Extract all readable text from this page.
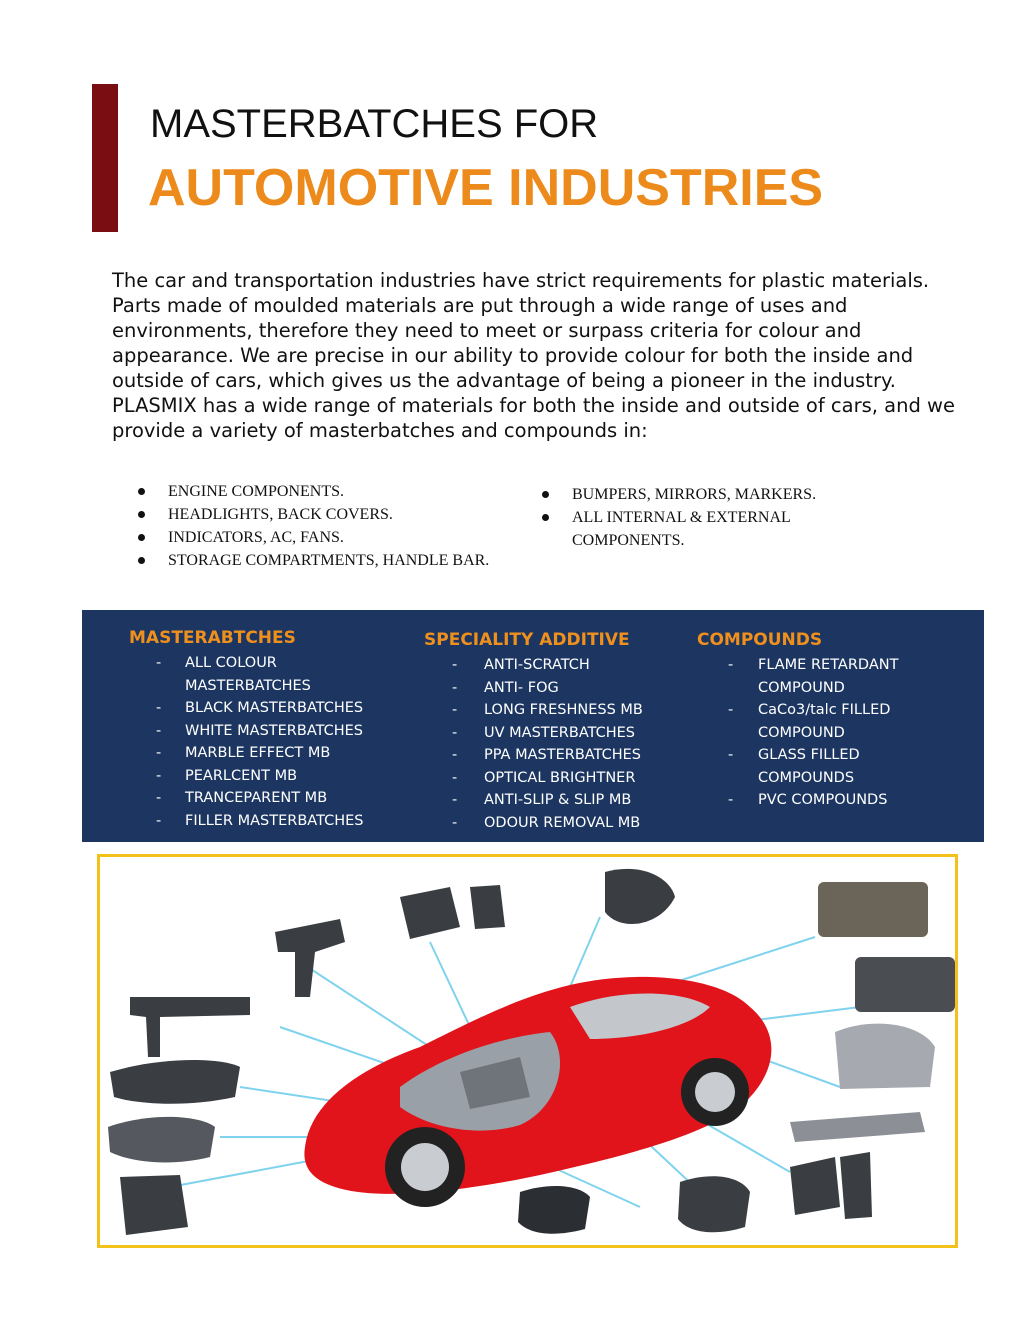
MASTERBATCHES FOR
AUTOMOTIVE INDUSTRIES

The car and transportation industries have strict requirements for plastic materials. Parts made of moulded materials are put through a wide range of uses and environments, therefore they need to meet or surpass criteria for colour and appearance. We are precise in our ability to provide colour for both the inside and outside of cars, which gives us the advantage of being a pioneer in the industry. PLASMIX has a wide range of materials for both the inside and outside of cars, and we provide a variety of masterbatches and compounds in:

ENGINE COMPONENTS.
HEADLIGHTS, BACK COVERS.
INDICATORS, AC, FANS.
STORAGE COMPARTMENTS, HANDLE BAR.
BUMPERS, MIRRORS, MARKERS.
ALL INTERNAL & EXTERNAL COMPONENTS.
MASTERABTCHES
- ALL COLOUR
MASTERBATCHES
- BLACK MASTERBATCHES
- WHITE MASTERBATCHES
- MARBLE EFFECT MB
- PEARLCENT MB
- TRANCEPARENT MB
- FILLER MASTERBATCHES
SPECIALITY ADDITIVE
- ANTI-SCRATCH
- ANTI- FOG
- LONG FRESHNESS MB
- UV MASTERBATCHES
- PPA MASTERBATCHES
- OPTICAL BRIGHTNER
- ANTI-SLIP & SLIP MB
- ODOUR REMOVAL MB
COMPOUNDS
- FLAME RETARDANT
COMPOUND
- CaCo3/talc FILLED
COMPOUND
- GLASS FILLED
COMPOUNDS
- PVC COMPOUNDS
